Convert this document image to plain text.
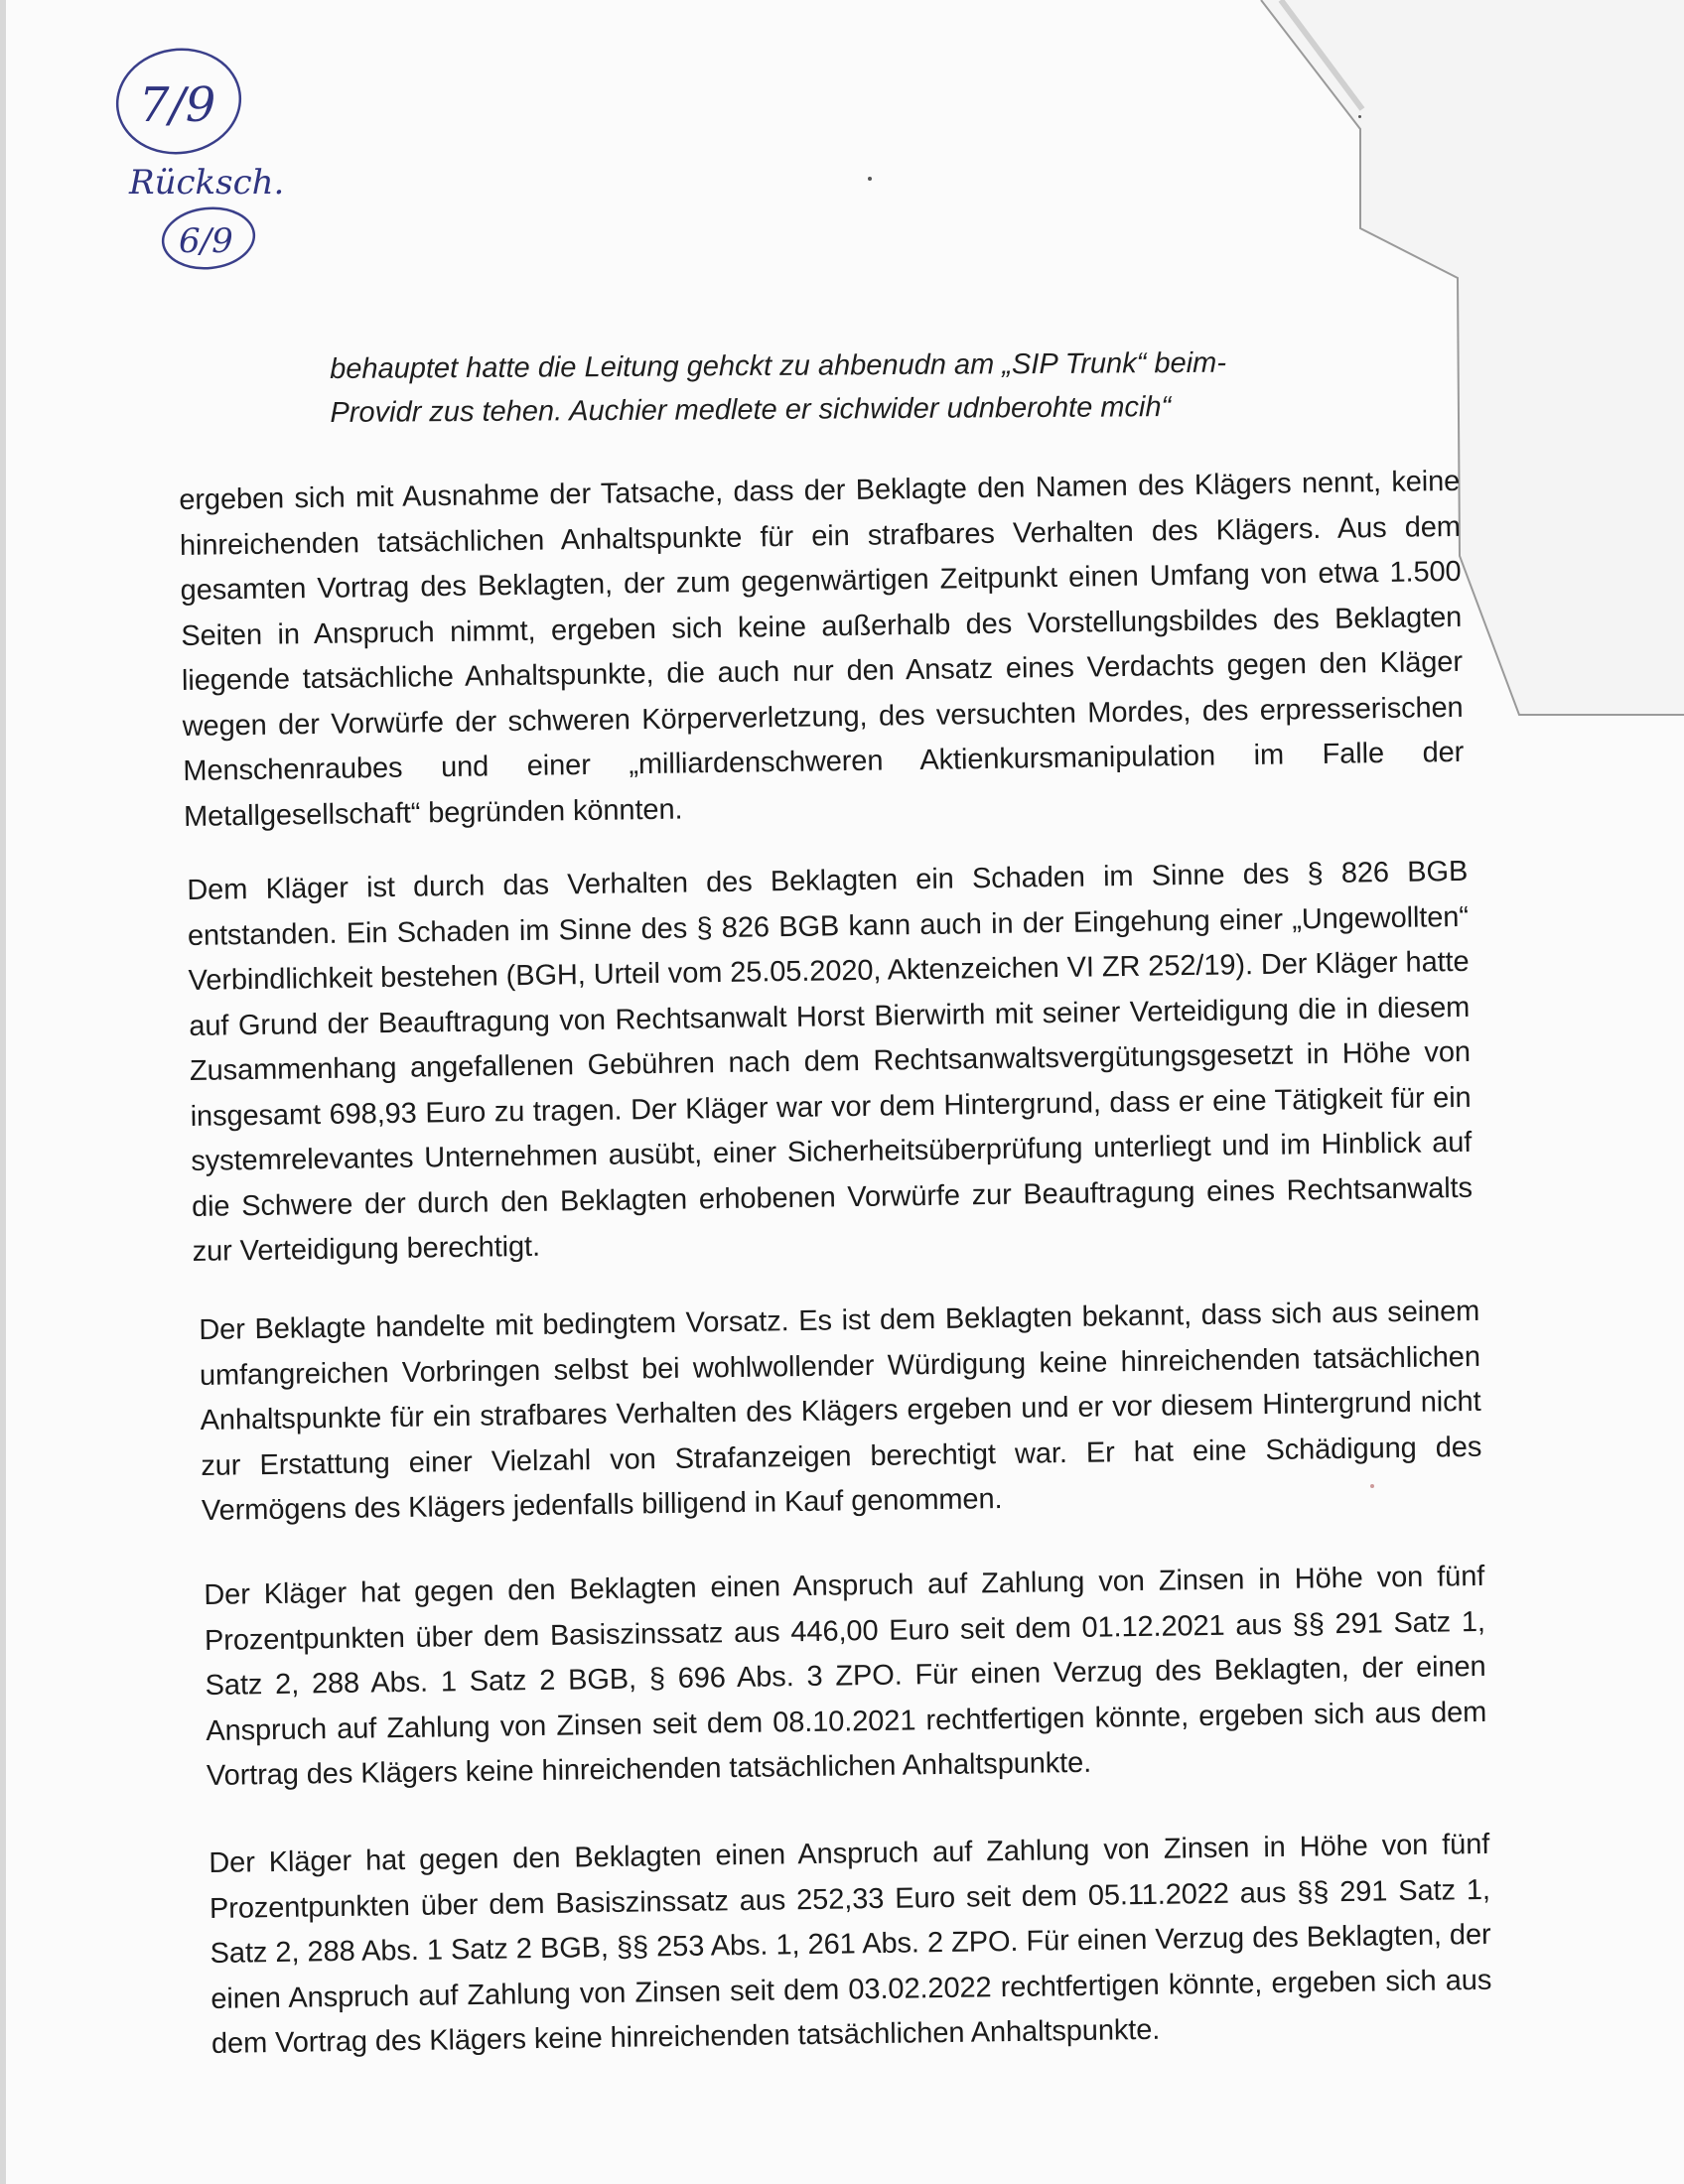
7/9
Rücksch.
6/9
behauptet hatte die Leitung gehckt zu ahbenudn am „SIP Trunk“ beim-
Providr zus tehen. Auchier medlete er sichwider udnberohte mcih“
ergeben sich mit Ausnahme der Tatsache, dass der Beklagte den Namen des Klägers nennt, keine hinreichenden tatsächlichen Anhaltspunkte für ein strafbares Verhalten des Klägers. Aus dem gesamten Vortrag des Beklagten, der zum gegenwärtigen Zeitpunkt einen Umfang von etwa 1.500 Seiten in Anspruch nimmt, ergeben sich keine außerhalb des Vorstellungsbildes des Beklagten liegende tatsächliche Anhaltspunkte, die auch nur den Ansatz eines Verdachts gegen den Kläger wegen der Vorwürfe der schweren Körperverletzung, des versuchten Mordes, des erpresserischen Menschenraubes und einer „milliardenschweren Aktienkursmanipulation im Falle der Metallgesellschaft“ begründen könnten.
Dem Kläger ist durch das Verhalten des Beklagten ein Schaden im Sinne des § 826 BGB entstanden. Ein Schaden im Sinne des § 826 BGB kann auch in der Eingehung einer „Ungewollten“ Verbindlichkeit bestehen (BGH, Urteil vom 25.05.2020, Aktenzeichen VI ZR 252/19). Der Kläger hatte auf Grund der Beauftragung von Rechtsanwalt Horst Bierwirth mit seiner Verteidigung die in diesem Zusammenhang angefallenen Gebühren nach dem Rechtsanwaltsvergütungsgesetzt in Höhe von insgesamt 698,93 Euro zu tragen. Der Kläger war vor dem Hintergrund, dass er eine Tätigkeit für ein systemrelevantes Unternehmen ausübt, einer Sicherheitsüberprüfung unterliegt und im Hinblick auf die Schwere der durch den Beklagten erhobenen Vorwürfe zur Beauftragung eines Rechtsanwalts zur Verteidigung berechtigt.
Der Beklagte handelte mit bedingtem Vorsatz. Es ist dem Beklagten bekannt, dass sich aus seinem umfangreichen Vorbringen selbst bei wohlwollender Würdigung keine hinreichenden tatsächlichen Anhaltspunkte für ein strafbares Verhalten des Klägers ergeben und er vor diesem Hintergrund nicht zur Erstattung einer Vielzahl von Strafanzeigen berechtigt war. Er hat eine Schädigung des Vermögens des Klägers jedenfalls billigend in Kauf genommen.
Der Kläger hat gegen den Beklagten einen Anspruch auf Zahlung von Zinsen in Höhe von fünf Prozentpunkten über dem Basiszinssatz aus 446,00 Euro seit dem 01.12.2021 aus §§ 291 Satz 1, Satz 2, 288 Abs. 1 Satz 2 BGB, § 696 Abs. 3 ZPO. Für einen Verzug des Beklagten, der einen Anspruch auf Zahlung von Zinsen seit dem 08.10.2021 rechtfertigen könnte, ergeben sich aus dem Vortrag des Klägers keine hinreichenden tatsächlichen Anhaltspunkte.
Der Kläger hat gegen den Beklagten einen Anspruch auf Zahlung von Zinsen in Höhe von fünf Prozentpunkten über dem Basiszinssatz aus 252,33 Euro seit dem 05.11.2022 aus §§ 291 Satz 1, Satz 2, 288 Abs. 1 Satz 2 BGB, §§ 253 Abs. 1, 261 Abs. 2 ZPO. Für einen Verzug des Beklagten, der einen Anspruch auf Zahlung von Zinsen seit dem 03.02.2022 rechtfertigen könnte, ergeben sich aus dem Vortrag des Klägers keine hinreichenden tatsächlichen Anhaltspunkte.
